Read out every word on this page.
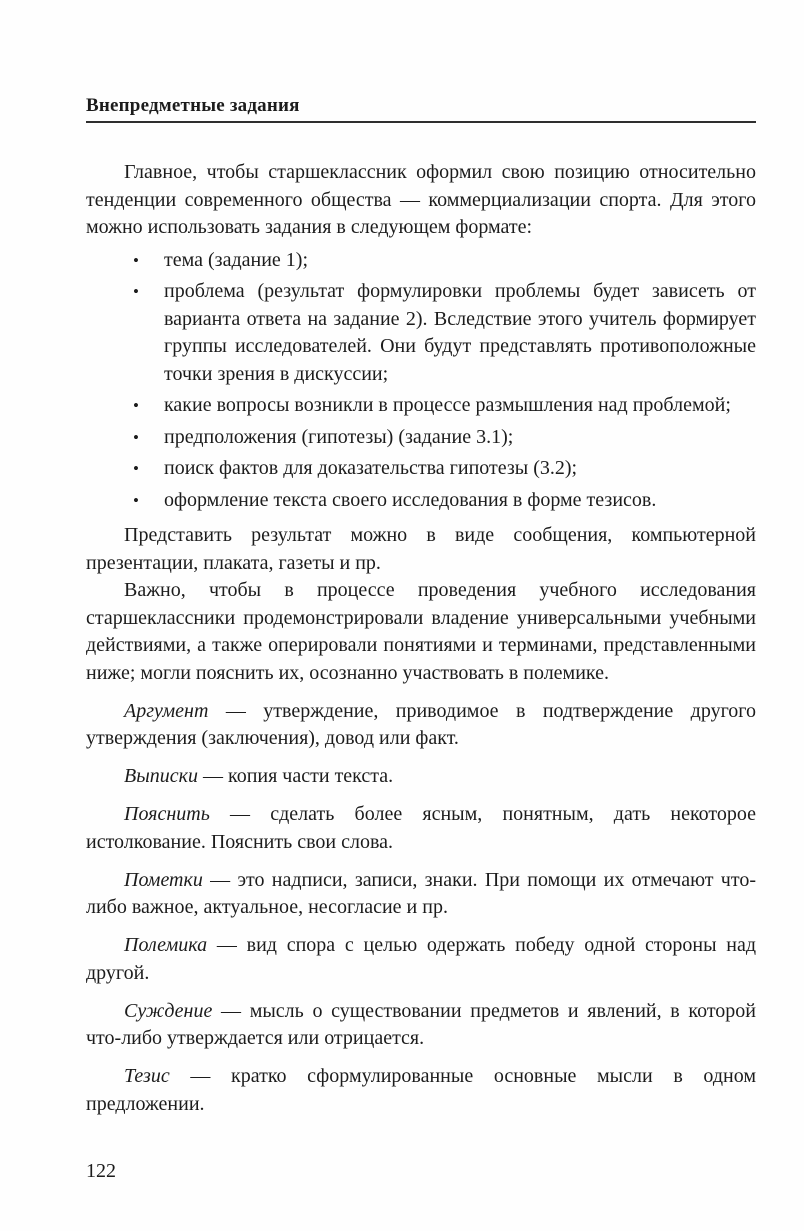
Внепредметные задания

Главное, чтобы старшеклассник оформил свою позицию относительно тенденции современного общества — коммерциализации спорта. Для этого можно использовать задания в следующем формате:

•	тема (задание 1);
•	проблема (результат формулировки проблемы будет зависеть от варианта ответа на задание 2). Вследствие этого учитель формирует группы исследователей. Они будут представлять противоположные точки зрения в дискуссии;
•	какие вопросы возникли в процессе размышления над проблемой;
•	предположения (гипотезы) (задание 3.1);
•	поиск фактов для доказательства гипотезы (3.2);
•	оформление текста своего исследования в форме тезисов.

Представить результат можно в виде сообщения, компьютерной презентации, плаката, газеты и пр.

Важно, чтобы в процессе проведения учебного исследования старшеклассники продемонстрировали владение универсальными учебными действиями, а также оперировали понятиями и терминами, представленными ниже; могли пояснить их, осознанно участвовать в полемике.

Аргумент — утверждение, приводимое в подтверждение другого утверждения (заключения), довод или факт.

Выписки — копия части текста.

Пояснить — сделать более ясным, понятным, дать некоторое истолкование. Пояснить свои слова.

Пометки — это надписи, записи, знаки. При помощи их отмечают что-либо важное, актуальное, несогласие и пр.

Полемика — вид спора с целью одержать победу одной стороны над другой.

Суждение — мысль о существовании предметов и явлений, в которой что-либо утверждается или отрицается.

Тезис — кратко сформулированные основные мысли в одном предложении.

122
